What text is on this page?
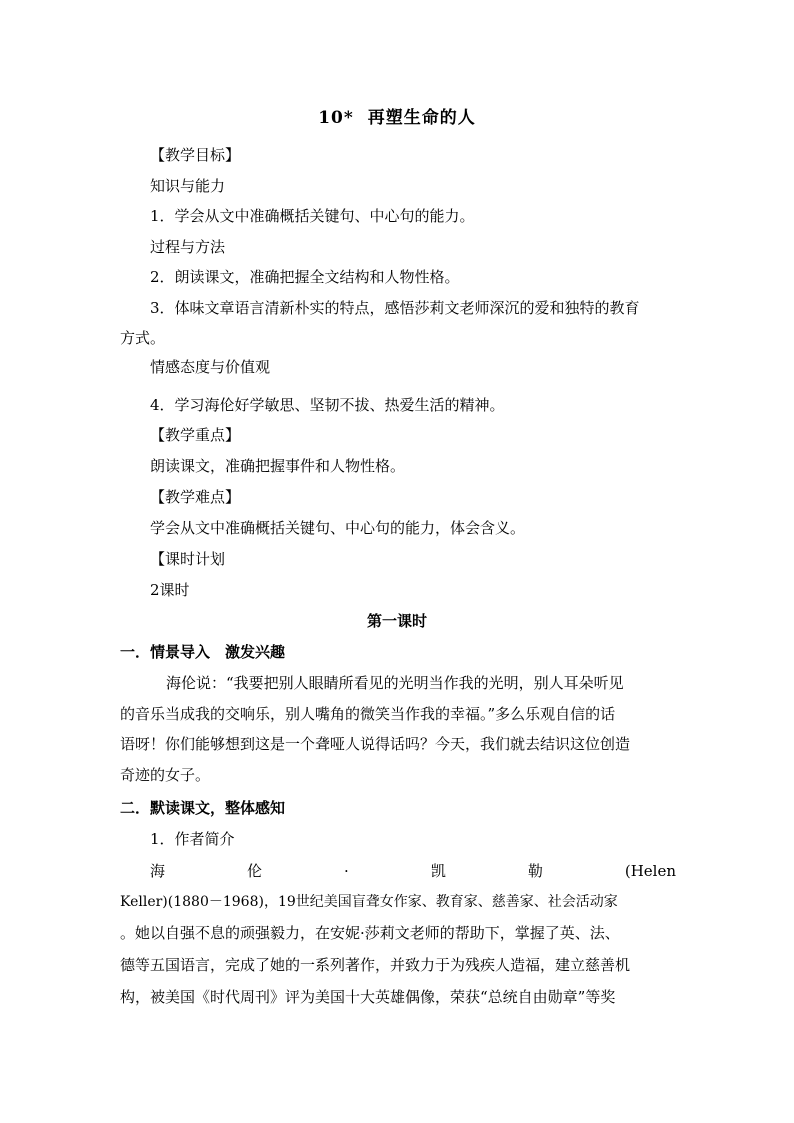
10* 再塑生命的人
【教学目标】
知识与能力
1．学会从文中准确概括关键句、中心句的能力。
过程与方法
2．朗读课文，准确把握全文结构和人物性格。
3．体味文章语言清新朴实的特点，感悟莎莉文老师深沉的爱和独特的教育
方式。
情感态度与价值观
4．学习海伦好学敏思、坚韧不拔、热爱生活的精神。
【教学重点】
朗读课文，准确把握事件和人物性格。
【教学难点】
学会从文中准确概括关键句、中心句的能力，体会含义。
【课时计划
2课时
第一课时
一．情景导入　激发兴趣
海伦说：“我要把别人眼睛所看见的光明当作我的光明，别人耳朵听见
的音乐当成我的交响乐，别人嘴角的微笑当作我的幸福。”多么乐观自信的话
语呀！你们能够想到这是一个聋哑人说得话吗？今天，我们就去结识这位创造
奇迹的女子。
二．默读课文，整体感知
1．作者简介
海	伦	·	凯	勒	(Helen
Keller)(1880－1968)，19世纪美国盲聋女作家、教育家、慈善家、社会活动家
。她以自强不息的顽强毅力，在安妮·莎莉文老师的帮助下，掌握了英、法、
德等五国语言，完成了她的一系列著作，并致力于为残疾人造福，建立慈善机
构，被美国《时代周刊》评为美国十大英雄偶像，荣获“总统自由勋章”等奖
